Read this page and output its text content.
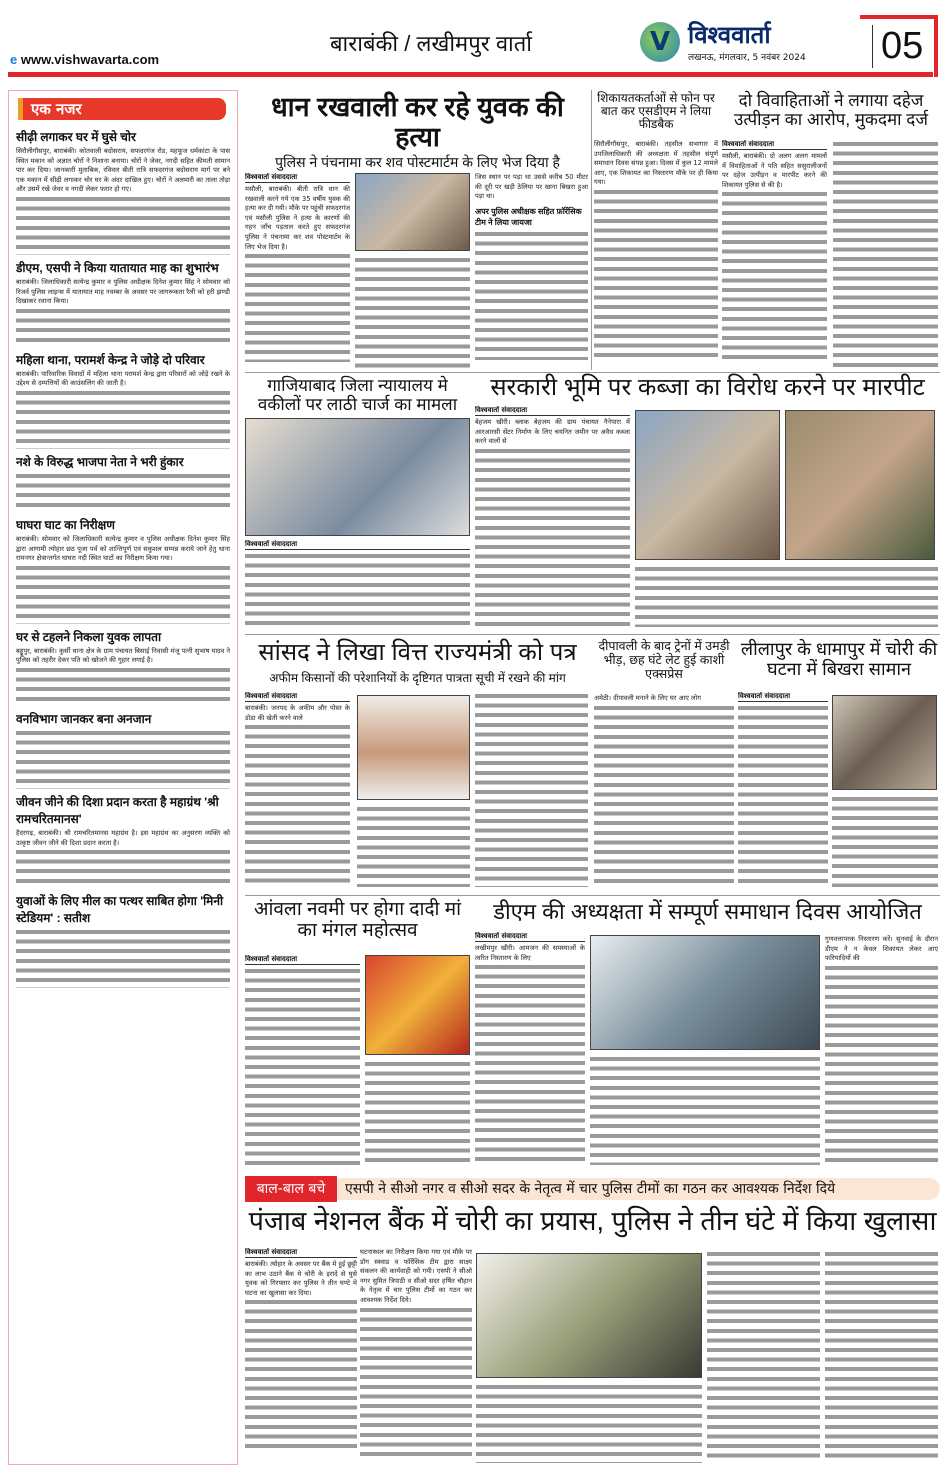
बाराबंकी / लखीमपुर वार्ता
e www.vishwavarta.com
V विश्ववार्ता
लखनऊ, मंगलवार, 5 नवंबर 2024 05
एक नजर
सीढ़ी लगाकर घर में घुसे चोर
सिरौलीगौसपुर, बाराबंकी। कोतवाली बदोसराय, सफदरगंज रोड, महफूज धर्मकांटा के पास स्थित मकान को अज्ञात चोरों ने निशाना बनाया। चोरों ने जेवर, नगदी सहित कीमती सामान पार कर दिया। जानकारी मुताबिक, रविवार बीती रात्रि सफदरगंज बदोसराय मार्ग पर बने एक मकान में सीढ़ी लगाकर चोर घर के अंदर दाखिल हुए। चोरों ने अलमारी का ताला तोड़ा और उसमें रखे जेवर व नगदी लेकर फरार हो गए।
डीएम, एसपी ने किया यातायात माह का शुभारंभ
बाराबंकी। जिलाधिकारी सत्येन्द्र कुमार व पुलिस अधीक्षक दिनेश कुमार सिंह ने सोमवार को रिजर्व पुलिस लाइन्स में यातायात माह नवम्बर के अवसर पर जागरूकता रैली को हरी झण्डी दिखाकर रवाना किया।
महिला थाना, परामर्श केन्द्र ने जोड़े दो परिवार
बाराबंकी। पारिवारिक विवादों में महिला थाना परामर्श केन्द्र द्वारा परिवारों को जोड़े रखने के उद्देश्य से दम्पत्तियों की काउंसलिंग की जाती है।
नशे के विरुद्ध भाजपा नेता ने भरी हुंकार
घाघरा घाट का निरीक्षण
बाराबंकी। सोमवार को जिलाधिकारी सत्येन्द्र कुमार व पुलिस अधीक्षक दिनेश कुमार सिंह द्वारा आगामी त्योहार छठ पूजा पर्व को शान्तिपूर्ण एवं सकुशल सम्पन्न कराये जाने हेतु थाना रामनगर क्षेत्रान्तर्गत घाघरा नदी स्थित घाटों का निरीक्षण किया गया।
घर से टहलने निकला युवक लापता
बड्डूपुर, बाराबंकी। कुर्सी थाना क्षेत्र के ग्राम पंचायत बिसाई निवासी मंजू पत्नी सुभाष यादव ने पुलिस को तहरीर देकर पति को खोजने की गुहार लगाई है।
वनविभाग जानकर बना अनजान
जीवन जीने की दिशा प्रदान करता है महाग्रंथ 'श्री रामचरितमानस'
हैदरगढ़, बाराबंकी। श्री रामचरितमानस महाग्रंथ है। इस महाग्रंथ का अनुसरण व्यक्ति को उत्कृष्ट जीवन जीने की दिशा प्रदान करता है।
युवाओं के लिए मील का पत्थर साबित होगा 'मिनी स्टेडियम' : सतीश
धान रखवाली कर रहे युवक की हत्या
पुलिस ने पंचनामा कर शव पोस्टमार्टम के लिए भेज दिया है
विश्ववार्ता संवाददाता
मसौली, बाराबंकी। बीती रात्रि धान की रखवाली करने गये एक 35 वर्षीय युवक की हत्या कर दी गयी। मौके पर पहुंची सफदरगंज एवं मसौली पुलिस ने हत्या के कारणों की गहन जाँच पड़ताल करते हुए सफदरगंज पुलिस ने पंचनामा कर शव पोस्टमार्टम के लिए भेज दिया है।
जिस स्थान पर पड़ा था उससे करीब 50 मीटर की दूरी पर खड़ी ठेलिया पर खाना बिखरा हुआ पड़ा था।
अपर पुलिस अधीक्षक सहित फ़ॉरेंसिक टीम ने लिया जायजा
शिकायतकर्ताओं से फोन पर बात कर एसडीएम ने लिया फीडबैक
सिरौलीगौसपुर, बाराबंकी। तहसील सभागार में उपजिलाधिकारी की अध्यक्षता में तहसील संपूर्ण समाधान दिवस संपन्न हुआ। दिवस में कुल 12 मामले आए, एक शिकायत का निस्तारण मौके पर ही किया गया।
दो विवाहिताओं ने लगाया दहेज उत्पीड़न का आरोप, मुकदमा दर्ज
विश्ववार्ता संवाददाता
मसौली, बाराबंकी। दो अलग अलग मामलों में विवाहिताओं ने पति सहित ससुरालीजनों पर दहेज उत्पीड़न व मारपीट करने की शिकायत पुलिस से की है।
गाजियाबाद जिला न्यायालय मे वकीलों पर लाठी चार्ज का मामला
विश्ववार्ता संवाददाता
सरकारी भूमि पर कब्जा का विरोध करने पर मारपीट
विश्ववार्ता संवाददाता
बेहजम खीरी। ब्लाक बेहजम की ग्राम पंचायत नैनेपारा में आरआरसी सेंटर निर्माण के लिए चयनित जमीन पर अवैध कब्जा करने वालों से
सांसद ने लिखा वित्त राज्यमंत्री को पत्र
अफीम किसानों की परेशानियों के दृष्टिगत पात्रता सूची में रखने की मांग
विश्ववार्ता संवाददाता
बाराबंकी। जनपद के अफीम और पोस्त के डोडा की खेती करने वाले
दीपावली के बाद ट्रेनों में उमड़ी भीड़, छह घंटे लेट हुई काशी एक्सप्रेस
अमेठी। दीपावली मनाने के लिए घर आए लोग
लीलापुर के धामापुर में चोरी की घटना में बिखरा सामान
विश्ववार्ता संवाददाता
आंवला नवमी पर होगा दादी मां का मंगल महोत्सव
विश्ववार्ता संवाददाता
डीएम की अध्यक्षता में सम्पूर्ण समाधान दिवस आयोजित
विश्ववार्ता संवाददाता
लखीमपुर खीरी। आमजन की समस्याओं के त्वरित निस्तारण के लिए
गुणवत्तापरक निस्तारण करें। सुनवाई के दौरान डीएम ने न केवल शिकायत लेकर आए फरियादियों की
बाल-बाल बचे	एसपी ने सीओ नगर व सीओ सदर के नेतृत्व में चार पुलिस टीमों का गठन कर आवश्यक निर्देश दिये
पंजाब नेशनल बैंक में चोरी का प्रयास, पुलिस ने तीन घंटे में किया खुलासा
विश्ववार्ता संवाददाता
बाराबंकी। त्योहार के अवसर पर बैंक मे हुई छुट्टी का लाभ उठाने बैंक मे चोरी के इरादे से घुसे युवक को गिरफ्तार कर पुलिस ने तीन घण्टे मे घटना का खुलासा कर दिया।
घटनास्थल का निरीक्षण किया गया एवं मौके पर डॉग स्क्वाड व फॉरेंसिक टीम द्वारा साक्ष्य संकलन की कार्यवाही को गयी। एसपी ने सीओ नगर सुमित त्रिपाठी व सीओ सदर हर्षित चौहान के नेतृत्व में चार पुलिस टीमों का गठन कर आवश्यक निर्देश दिये।
